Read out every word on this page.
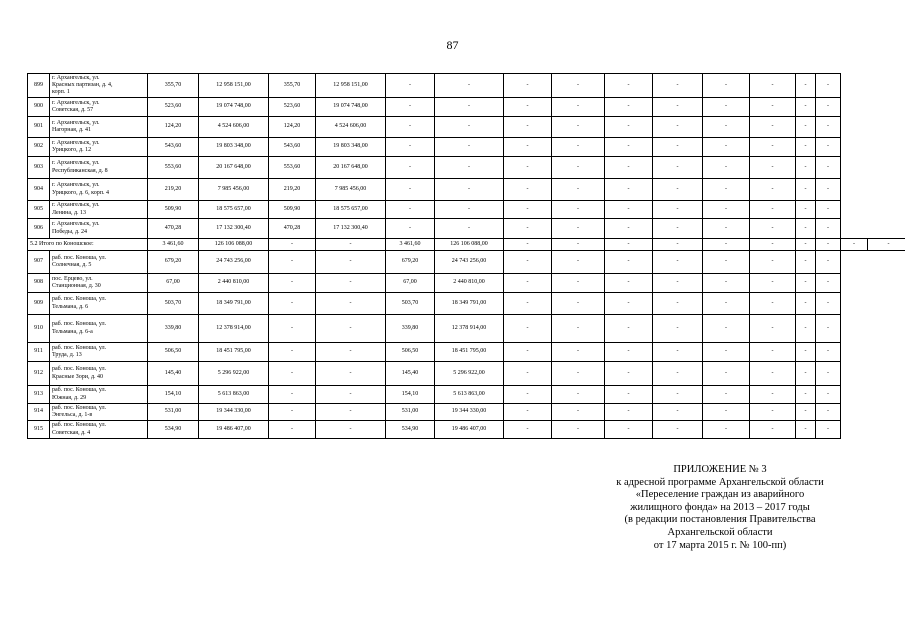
87
899	г. Архангельск, ул.
Красных партизан, д. 4,
корп. 1	355,70	12 958 151,00	355,70	12 958 151,00	-	-	-	-	-	-	-	-	-	-		
900	г. Архангельск, ул.
Советская, д. 57	523,60	19 074 748,00	523,60	19 074 748,00	-	-	-	-	-	-	-	-	-	-		
901	г. Архангельск, ул.
Нагорная, д. 41	124,20	4 524 606,00	124,20	4 524 606,00	-	-	-	-	-	-	-	-	-	-		
902	г. Архангельск, ул.
Урицкого, д. 12	543,60	19 803 348,00	543,60	19 803 348,00	-	-	-	-	-	-	-	-	-	-		
903	г. Архангельск, ул.
Республиканская, д. 8	553,60	20 167 648,00	553,60	20 167 648,00	-	-	-	-	-	-	-	-	-	-		
904	г. Архангельск, ул.
Урицкого, д. 6, корп. 4	219,20	7 985 456,00	219,20	7 985 456,00	-	-	-	-	-	-	-	-	-	-		
905	г. Архангельск, ул.
Ленина, д. 13	509,90	18 575 657,00	509,90	18 575 657,00	-	-	-	-	-	-	-	-	-	-		
906	г. Архангельск, ул.
Победы, д. 24	470,28	17 132 300,40	470,28	17 132 300,40	-	-	-	-	-	-	-	-	-	-		
5.2 Итого по Коношское:		3 461,60	126 106 088,00	-	-	3 461,60	126 106 088,00	-	-	-	-	-	-	-	-	-	-
907	раб. пос. Коноша, ул.
Солнечная, д. 5	679,20	24 743 256,00	-	-	679,20	24 743 256,00	-	-	-	-	-	-	-	-		
908	пос. Ерцево, ул.
Станционная, д. 30	67,00	2 440 810,00	-	-	67,00	2 440 810,00	-	-	-	-	-	-	-	-		
909	раб. пос. Коноша, ул.
Тельмана, д. 6	503,70	18 349 791,00	-	-	503,70	18 349 791,00	-	-	-	-	-	-	-	-		
910	раб. пос. Коноша, ул.
Тельмана, д. 6-а	339,80	12 378 914,00	-	-	339,80	12 378 914,00	-	-	-	-	-	-	-	-		
911	раб. пос. Коноша, ул.
Труда, д. 13	506,50	18 451 795,00	-	-	506,50	18 451 795,00	-	-	-	-	-	-	-	-		
912	раб. пос. Коноша, ул.
Красные Зори, д. 40	145,40	5 296 922,00	-	-	145,40	5 296 922,00	-	-	-	-	-	-	-	-		
913	раб. пос. Коноша, ул.
Южная, д. 29	154,10	5 613 863,00	-	-	154,10	5 613 863,00	-	-	-	-	-	-	-	-		
914	раб. пос. Коноша, ул.
Энгельса, д. 1-в	531,00	19 344 330,00	-	-	531,00	19 344 330,00	-	-	-	-	-	-	-	-		
915	раб. пос. Коноша, ул.
Советская, д. 4	534,90	19 486 407,00	-	-	534,90	19 486 407,00	-	-	-	-	-	-	-	-		
ПРИЛОЖЕНИЕ № 3
к адресной программе Архангельской области
«Переселение граждан из аварийного
жилищного фонда» на 2013 – 2017 годы
(в редакции постановления Правительства
Архангельской области
от 17 марта 2015 г. № 100-пп)
